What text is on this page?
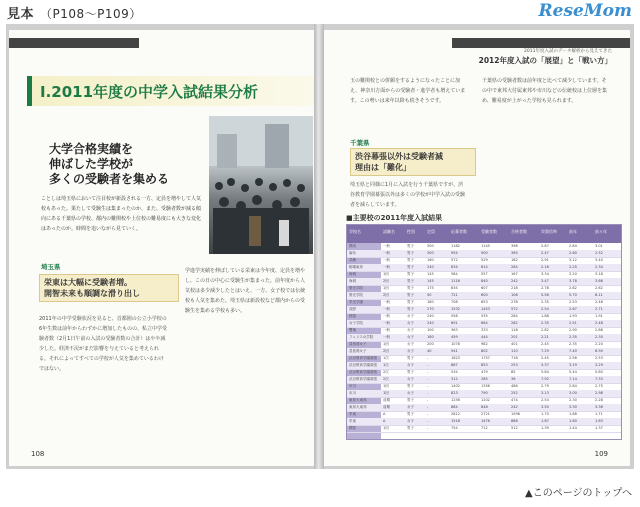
見本 （P108～P109）	ReseMom
Ⅰ.2011年度の中学入試結果分析
大学合格実績を
伸ばした学校が
多くの受験者を集める
ことしは埼玉県において注目校が新設される一方、定員を増やして人気校もあった。果たして受験生は集まったのか、また、受験者数が減る傾向にある千葉県の学校、都内の難関校や上位校の難易度にも大きな変化はあったのか。時間を追いながら見ていく。
埼玉県
栄東は大幅に受験者増。
開智未来も順調な滑り出し
2011年の中学受験状況を見ると、首都圏の公立小学校の6年生数は前年からわずかに増加したものの、私立中学受験者数（2月1日午前の入試の受験者数の合計）はやや減少した。経済不況がまだ影響を与えていると考えられる。それによってすべての学校が人気を集めているわけではない。
学進学実績を伸ばしている栄東は今年度、定員を増やし、この日の中心に受験生が集まった。前年度から人気校は多少減少したとはいえ、一方、女子校では伝統校も人気を集めた。埼玉県は新設校など都内からの受験生を集める学校も多い。
108
2011年度入試のデータ解析から見えてきた
2012年度入試の「展望」と「戦い方」
玉の難関校との併願をするようになったことに加え、神奈川方面からの受験者・進学者も増えています。この勢いは来年以降も続きそうです。
千葉県
渋谷幕張以外は受験者減
理由は「難化」
埼玉県と同様に1月に入試を行う千葉県ですが、渋谷教育学園幕張以外は多くの学校が中学入試の受験者を減らしています。
千葉県の受験者数は前年度と比べて減少しています。その中で東邦大付属東邦や市川などの伝統校は上位層を集め、難易度が上がった学校も見られます。
■主要校の2011年度入試結果
学校名	試験名	性別	定員	応募者数	受験者数	合格者数	実質倍率	前年	前々年
開成	一般	男子	300	1182	1145	398	2.87	2.84	3.01
麻布	一般	男子	300	954	900	365	2.47	2.60	2.52
武蔵	一般	男子	160	572	529	182	2.91	3.12	3.40
駒場東邦	一般	男子	240	634	614	284	2.16	2.25	2.34
海城	1回	男子	145	584	557	167	3.34	3.20	3.18
海城	2回	男子	145	1116	840	242	3.47	3.78	3.66
聖光学院	1回	男子	175	634	607	218	2.78	2.82	2.62
聖光学院	2回	男子	50	721	600	108	5.56	5.70	6.11
栄光学園	一般	男子	180	708	653	278	2.35	2.53	2.48
浅野	一般	男子	270	1532	1453	572	2.54	2.67	2.71
桜蔭	一般	女子	240	558	535	284	1.88	1.93	1.91
女子学院	一般	女子	240	691	664	282	2.35	2.51	2.48
雙葉	一般	女子	100	363	333	118	2.82	2.90	2.86
フェリス女学院	一般	女子	180	459	444	201	2.21	2.35	2.30
豊島岡女子	1回	女子	200	1078	982	401	2.45	2.35	2.20
豊島岡女子	2回	女子	40	941	802	110	7.29	7.40	6.90
渋谷教育学園幕張 1次	男子	-	1823	1757	716	2.45	2.56	2.53
渋谷教育学園幕張 1次	女子	-	887	853	253	3.37	3.19	3.29
渋谷教育学園幕張 2次	男子	-	534	479	85	5.64	5.44	5.80
渋谷教育学園幕張 2次	女子	-	312	285	36	7.92	7.14	7.33
市川	1回	男子	-	1402	1356	486	2.79	2.84	2.75
市川	1回	女子	-	823	790	252	3.13	3.00	2.98
東邦大東邦	前期	男子	-	1256	1202	474	2.54	2.30	2.28
東邦大東邦	前期	女子	-	884	848	242	3.50	3.30	3.36
栄東	A	男子	-	2812	2721	1596	1.70	1.68	1.71
栄東	A	女子	-	1518	1476	886	1.67	1.60	1.63
開智	1回	男子	-	754	712	512	1.39	1.44	1.37
109
▲このページのトップへ
